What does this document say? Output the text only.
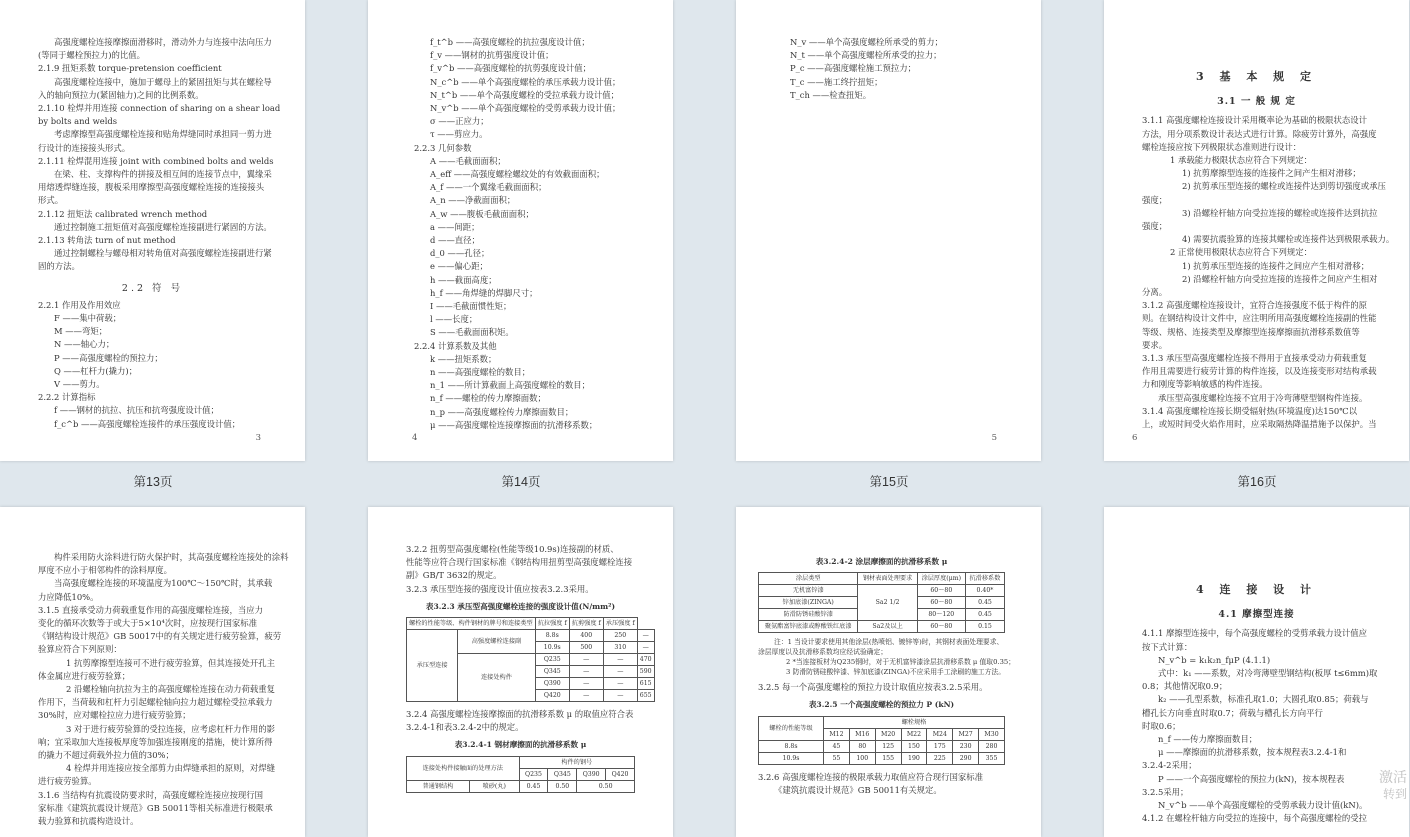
高强度螺栓连接摩擦面滑移时，滑动外力与连接中法向压力
(等同于螺栓预拉力)的比值。
2.1.9 扭矩系数 torque-pretension coefficient
高强度螺栓连接中，施加于螺母上的紧固扭矩与其在螺栓导
入的轴向预拉力(紧固轴力)之间的比例系数。
2.1.10 栓焊并用连接 connection of sharing on a shear load
by bolts and welds
考虑摩擦型高强度螺栓连接和贴角焊缝同时承担同一剪力进
行设计的连接接头形式。
2.1.11 栓焊混用连接 joint with combined bolts and welds
在梁、柱、支撑构件的拼接及相互间的连接节点中，翼缘采
用熔透焊缝连接，腹板采用摩擦型高强度螺栓连接的连接接头
形式。
2.1.12 扭矩法 calibrated wrench method
通过控制施工扭矩值对高强度螺栓连接副进行紧固的方法。
2.1.13 转角法 turn of nut method
通过控制螺栓与螺母相对转角值对高强度螺栓连接副进行紧
固的方法。
2.2 符 号
2.2.1 作用及作用效应
F ——集中荷载；
M ——弯矩；
N ——轴心力；
P ——高强度螺栓的预拉力；
Q ——杠杆力(撬力)；
V ——剪力。
2.2.2 计算指标
f ——钢材的抗拉、抗压和抗弯强度设计值；
f_c^b ——高强度螺栓连接件的承压强度设计值；
3
第13页
f_t^b ——高强度螺栓的抗拉强度设计值；
f_v ——钢材的抗剪强度设计值；
f_v^b ——高强度螺栓的抗剪强度设计值；
N_c^b ——单个高强度螺栓的承压承载力设计值；
N_t^b ——单个高强度螺栓的受拉承载力设计值；
N_v^b ——单个高强度螺栓的受剪承载力设计值；
σ ——正应力；
τ ——剪应力。
2.2.3 几何参数
A ——毛截面面积；
A_eff ——高强度螺栓螺纹处的有效截面面积；
A_f ——一个翼缘毛截面面积；
A_n ——净截面面积；
A_w ——腹板毛截面面积；
a ——间距；
d ——直径；
d_0 ——孔径；
e ——偏心距；
h ——截面高度；
h_f ——角焊缝的焊脚尺寸；
I ——毛截面惯性矩；
l ——长度；
S ——毛截面面积矩。
2.2.4 计算系数及其他
k ——扭矩系数；
n ——高强度螺栓的数目；
n_1 ——所计算截面上高强度螺栓的数目；
n_f ——螺栓的传力摩擦面数；
n_p ——高强度螺栓传力摩擦面数目；
μ ——高强度螺栓连接摩擦面的抗滑移系数；
4
第14页
N_v ——单个高强度螺栓所承受的剪力；
N_t ——单个高强度螺栓所承受的拉力；
P_c ——高强度螺栓施工预拉力；
T_c ——施工终拧扭矩；
T_ch ——检查扭矩。
5
第15页
3 基 本 规 定
3.1 一 般 规 定
3.1.1 高强度螺栓连接设计采用概率论为基础的极限状态设计
方法，用分项系数设计表达式进行计算。除疲劳计算外，高强度
螺栓连接应按下列极限状态准则进行设计：
1 承载能力极限状态应符合下列规定：
1) 抗剪摩擦型连接的连接件之间产生相对滑移；
2) 抗剪承压型连接的螺栓或连接件达到剪切强度或承压
强度；
3) 沿螺栓杆轴方向受拉连接的螺栓或连接件达到抗拉
强度；
4) 需要抗震验算的连接其螺栓或连接件达到极限承载力。
2 正常使用极限状态应符合下列规定：
1) 抗剪承压型连接的连接件之间应产生相对滑移；
2) 沿螺栓杆轴方向受拉连接的连接件之间应产生相对
分离。
3.1.2 高强度螺栓连接设计，宜符合连接强度不低于构件的原
则。在钢结构设计文件中，应注明所用高强度螺栓连接副的性能
等级、规格、连接类型及摩擦型连接摩擦面抗滑移系数值等
要求。
3.1.3 承压型高强度螺栓连接不得用于直接承受动力荷载重复
作用且需要进行疲劳计算的构件连接，以及连接变形对结构承载
力和刚度等影响敏感的构件连接。
承压型高强度螺栓连接不宜用于冷弯薄壁型钢构件连接。
3.1.4 高强度螺栓连接长期受辐射热(环境温度)达150℃以
上，或短时间受火焰作用时，应采取隔热降温措施予以保护。当
6
第16页
构件采用防火涂料进行防火保护时，其高强度螺栓连接处的涂料
厚度不应小于相邻构件的涂料厚度。
当高强度螺栓连接的环境温度为100℃～150℃时，其承载
力应降低10%。
3.1.5 直接承受动力荷载重复作用的高强度螺栓连接，当应力
变化的循环次数等于或大于5×10⁴次时，应按现行国家标准
《钢结构设计规范》GB 50017中的有关规定进行疲劳验算，疲劳
验算应符合下列原则：
1 抗剪摩擦型连接可不进行疲劳验算，但其连接处开孔主
体金属应进行疲劳验算；
2 沿螺栓轴向抗拉为主的高强度螺栓连接在动力荷载重复
作用下，当荷载和杠杆力引起螺栓轴向拉力超过螺栓受拉承载力
30%时，应对螺栓拉应力进行疲劳验算；
3 对于进行疲劳验算的受拉连接，应考虑杠杆力作用的影
响；宜采取加大连接板厚度等加强连接刚度的措施，使计算所得
的撬力不超过荷载外拉力值的30%；
4 栓焊并用连接应按全部剪力由焊缝承担的原则，对焊缝
进行疲劳验算。
3.1.6 当结构有抗震设防要求时，高强度螺栓连接应按现行国
家标准《建筑抗震设计规范》GB 50011等相关标准进行极限承
载力验算和抗震构造设计。
3.2.2 扭剪型高强度螺栓(性能等级10.9s)连接副的材质、
性能等应符合现行国家标准《钢结构用扭剪型高强度螺栓连接
副》GB/T 3632的规定。
3.2.3 承压型连接的强度设计值应按表3.2.3采用。
表3.2.3 承压型高强度螺栓连接的强度设计值(N/mm²)
螺栓的性能等级、构件钢材的牌号和连接类型		抗拉强度 f	抗剪强度 f	承压强度 f	
承压型连接	高强度螺栓连接副	8.8s	400	250	—
		10.9s	500	310	—
	连接处构件	Q235	—	—	470
		Q345	—	—	590
		Q390	—	—	615
		Q420	—	—	655
3.2.4 高强度螺栓连接摩擦面的抗滑移系数 μ 的取值应符合表
3.2.4-1和表3.2.4-2中的规定。
表3.2.4-1 钢材摩擦面的抗滑移系数 μ
连接处构件接触面的处理方法		构件的钢号			
		Q235	Q345	Q390	Q420
普通钢结构	喷砂(丸)	0.45	0.50	0.50	
表3.2.4-2 涂层摩擦面的抗滑移系数 μ
涂层类型	钢材表面处理要求	涂层厚度(μm)	抗滑移系数
无机富锌漆	Sa2 1/2	60～80	0.40*
锌加底漆(ZINGA)		60～80	0.45
防滑防锈硅酸锌漆		80～120	0.45
聚氨酯富锌底漆或醇酸铁红底漆	Sa2及以上	60～80	0.15
注：1 当设计要求使用其他涂层(热喷铝、镀锌等)时，其钢材表面处理要求、
涂层厚度以及抗滑移系数均应经试验确定；
2 *当连接板材为Q235钢时，对于无机富锌漆涂层抗滑移系数 μ 值取0.35；
3 防滑防锈硅酸锌漆、锌加底漆(ZINGA)不应采用手工涂刷的施工方法。
3.2.5 每一个高强度螺栓的预拉力设计取值应按表3.2.5采用。
表3.2.5 一个高强度螺栓的预拉力 P (kN)
螺栓的性能等级	螺栓规格						
	M12	M16	M20	M22	M24	M27	M30
8.8s	45	80	125	150	175	230	280
10.9s	55	100	155	190	225	290	355
3.2.6 高强度螺栓连接的极限承载力取值应符合现行国家标准
《建筑抗震设计规范》GB 50011有关规定。
4 连 接 设 计
4.1 摩擦型连接
4.1.1 摩擦型连接中，每个高强度螺栓的受剪承载力设计值应
按下式计算：
N_v^b = k₁k₂n_fμP (4.1.1)
式中：k₁ ——系数，对冷弯薄壁型钢结构(板厚 t≤6mm)取
0.8；其他情况取0.9；
k₂ ——孔型系数，标准孔取1.0；大圆孔取0.85；荷载与
槽孔长方向垂直时取0.7；荷载与槽孔长方向平行
时取0.6；
n_f ——传力摩擦面数目；
μ ——摩擦面的抗滑移系数，按本规程表3.2.4-1和
3.2.4-2采用；
P ——一个高强度螺栓的预拉力(kN)，按本规程表
3.2.5采用；
N_v^b ——单个高强度螺栓的受剪承载力设计值(kN)。
4.1.2 在螺栓杆轴方向受拉的连接中，每个高强度螺栓的受拉
激活
转到
